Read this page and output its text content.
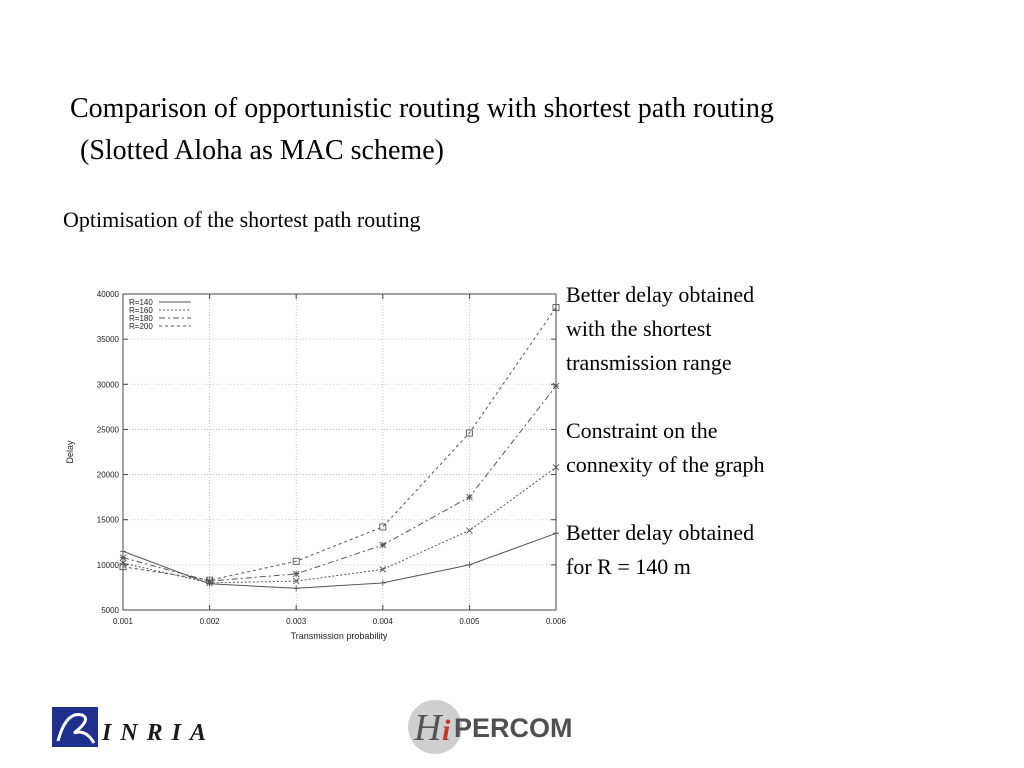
Comparison of opportunistic routing with shortest path routing
(Slotted Aloha as MAC scheme)
Optimisation of the shortest path routing
5000
10000
15000
20000
25000
30000
35000
40000
0.001	0.002	0.003	0.004	0.005	0.006
R=140
R=160
R=180
R=200
Transmission probability
Delay
Better delay obtained
with the shortest
transmission range
Constraint on the
connexity of the graph
Better delay obtained
for R = 140 m
INRIA	H i PERCOM
